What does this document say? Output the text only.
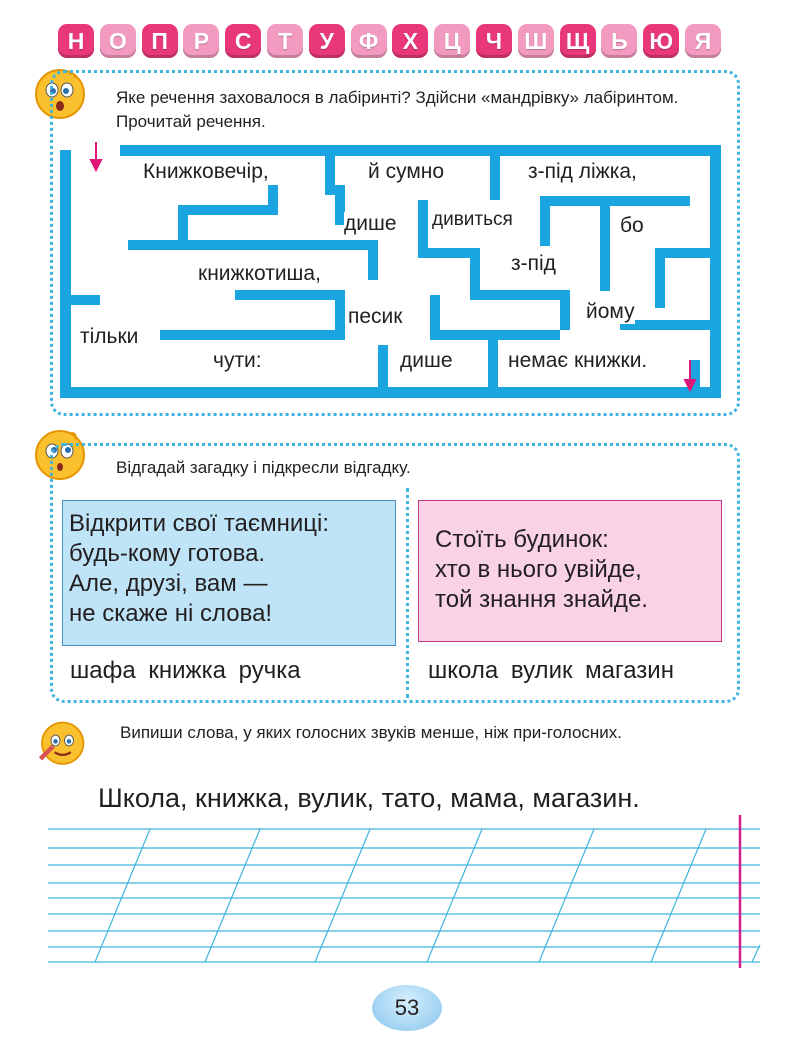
Н О П Р С Т У Ф Х Ц Ч Ш Щ Ь Ю Я
Яке речення заховалося в лабіринті? Здійсни «мандрівку» лабіринтом. Прочитай речення.
Книжковечір,	й сумно	з-під ліжка,
дише дивиться	бо
книжкотиша,	з-під
йому
песик
тільки
чути:	дише	немає книжки.
Відгадай загадку і підкресли відгадку.
Відкрити свої таємниці:
будь-кому готова.
Але, друзі, вам —
не скаже ні слова!
Стоїть будинок:
хто в нього увійде,
той знання знайде.
шафа книжка ручка	школа вулик магазин
Випиши слова, у яких голосних звуків менше, ніж при-голосних.
Школа, книжка, вулик, тато, мама, магазин.
53
